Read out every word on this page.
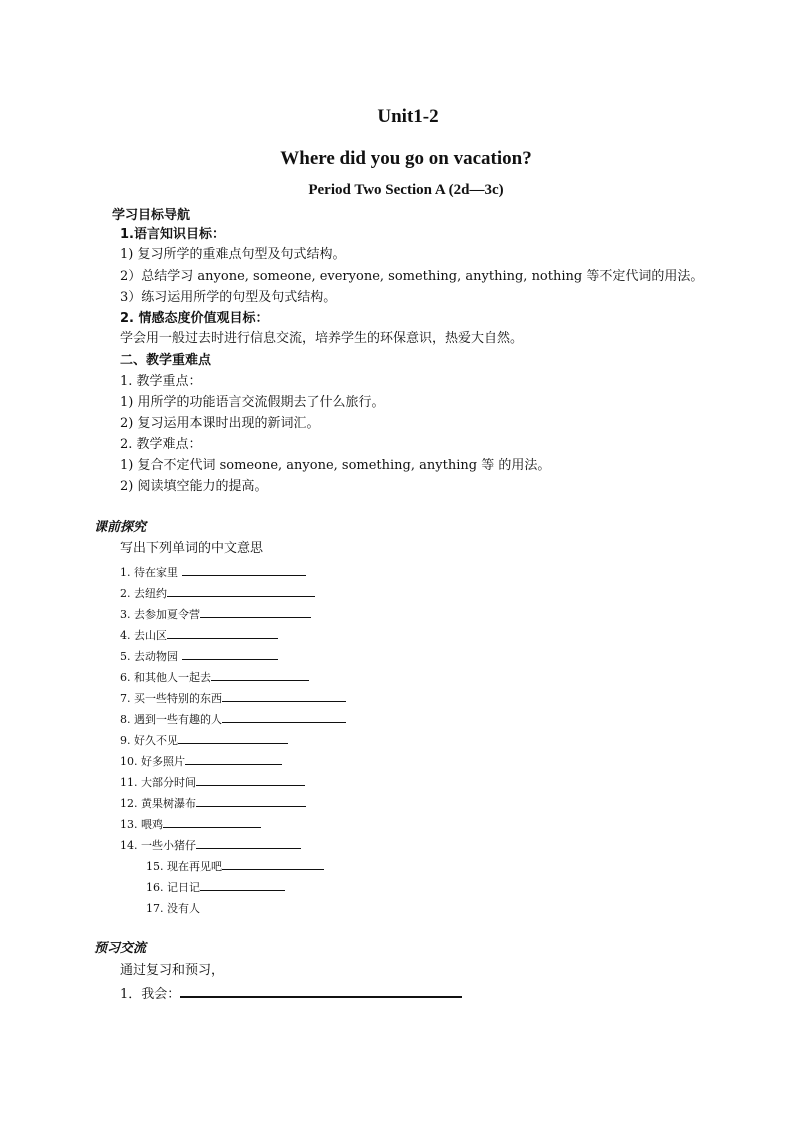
Unit1-2
Where did you go on vacation?
Period Two Section A (2d—3c)
学习目标导航
1.语言知识目标：
1) 复习所学的重难点句型及句式结构。
2）总结学习 anyone, someone, everyone, something, anything, nothing 等不定代词的用法。
3）练习运用所学的句型及句式结构。
2. 情感态度价值观目标：
学会用一般过去时进行信息交流，培养学生的环保意识，热爱大自然。
二、教学重难点
1. 教学重点：
1) 用所学的功能语言交流假期去了什么旅行。
2) 复习运用本课时出现的新词汇。
2. 教学难点：
1) 复合不定代词 someone, anyone, something, anything 等 的用法。
2) 阅读填空能力的提高。
课前探究
写出下列单词的中文意思
1. 待在家里
2. 去纽约
3. 去参加夏令营
4. 去山区
5. 去动物园
6. 和其他人一起去
7. 买一些特别的东西
8. 遇到一些有趣的人
9. 好久不见
10. 好多照片
11. 大部分时间
12. 黄果树瀑布
13. 喂鸡
14. 一些小猪仔
15. 现在再见吧
16. 记日记
17. 没有人
预习交流
通过复习和预习，
1．我会：
